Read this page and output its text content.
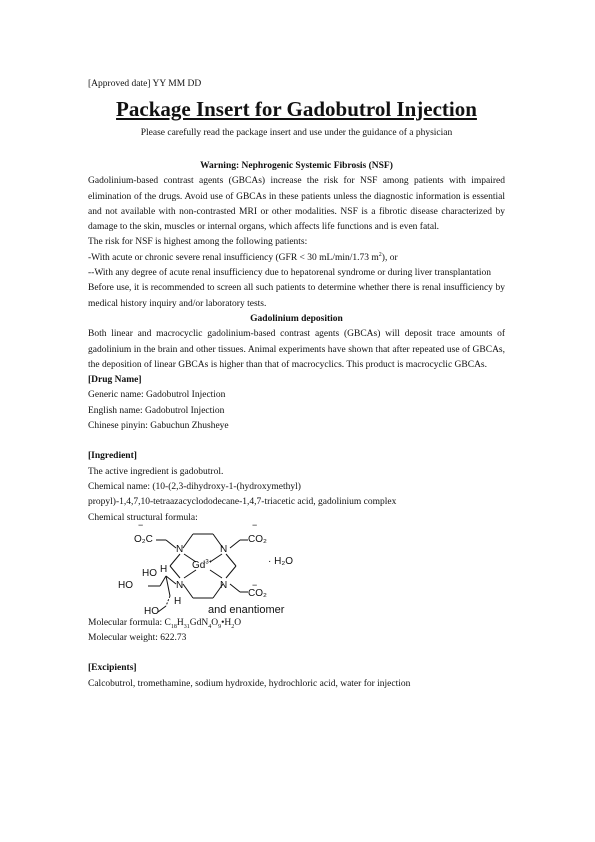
[Approved date] YY MM DD
Package Insert for Gadobutrol Injection
Please carefully read the package insert and use under the guidance of a physician

Warning: Nephrogenic Systemic Fibrosis (NSF)

Gadolinium-based contrast agents (GBCAs) increase the risk for NSF among patients with impaired elimination of the drugs. Avoid use of GBCAs in these patients unless the diagnostic information is essential and not available with non-contrasted MRI or other modalities. NSF is a fibrotic disease characterized by damage to the skin, muscles or internal organs, which affects life functions and is even fatal.

The risk for NSF is highest among the following patients:

-With acute or chronic severe renal insufficiency (GFR < 30 mL/min/1.73 $m^2$), or

--With any degree of acute renal insufficiency due to hepatorenal syndrome or during liver transplantation

Before use, it is recommended to screen all such patients to determine whether there is renal insufficiency by medical history inquiry and/or laboratory tests.

Gadolinium deposition

Both linear and macrocyclic gadolinium-based contrast agents (GBCAs) will deposit trace amounts of gadolinium in the brain and other tissues. Animal experiments have shown that after repeated use of GBCAs, the deposition of linear GBCAs is higher than that of macrocyclics. This product is macrocyclic GBCAs.

[Drug Name]

Generic name: Gadobutrol Injection

English name: Gadobutrol Injection

Chinese pinyin: Gabuchun Zhusheye

[Ingredient]

The active ingredient is gadobutrol.

Chemical name: (10-(2,3-dihydroxy-1-(hydroxymethyl)

propyl)-1,4,7,10-tetraazacyclododecane-1,4,7-triacetic acid, gadolinium complex

Chemical structural formula:

−
O₂C
−
CO₂
−
CO₂
N	N
N	N
$Gd^{3+}$
HO H
HO
H
HO
· H₂O
and enantiomer

Molecular formula: $C_{18}H_{31}GdN_4O_9•H_2O$

Molecular weight: 622.73

[Excipients]

Calcobutrol, tromethamine, sodium hydroxide, hydrochloric acid, water for injection
